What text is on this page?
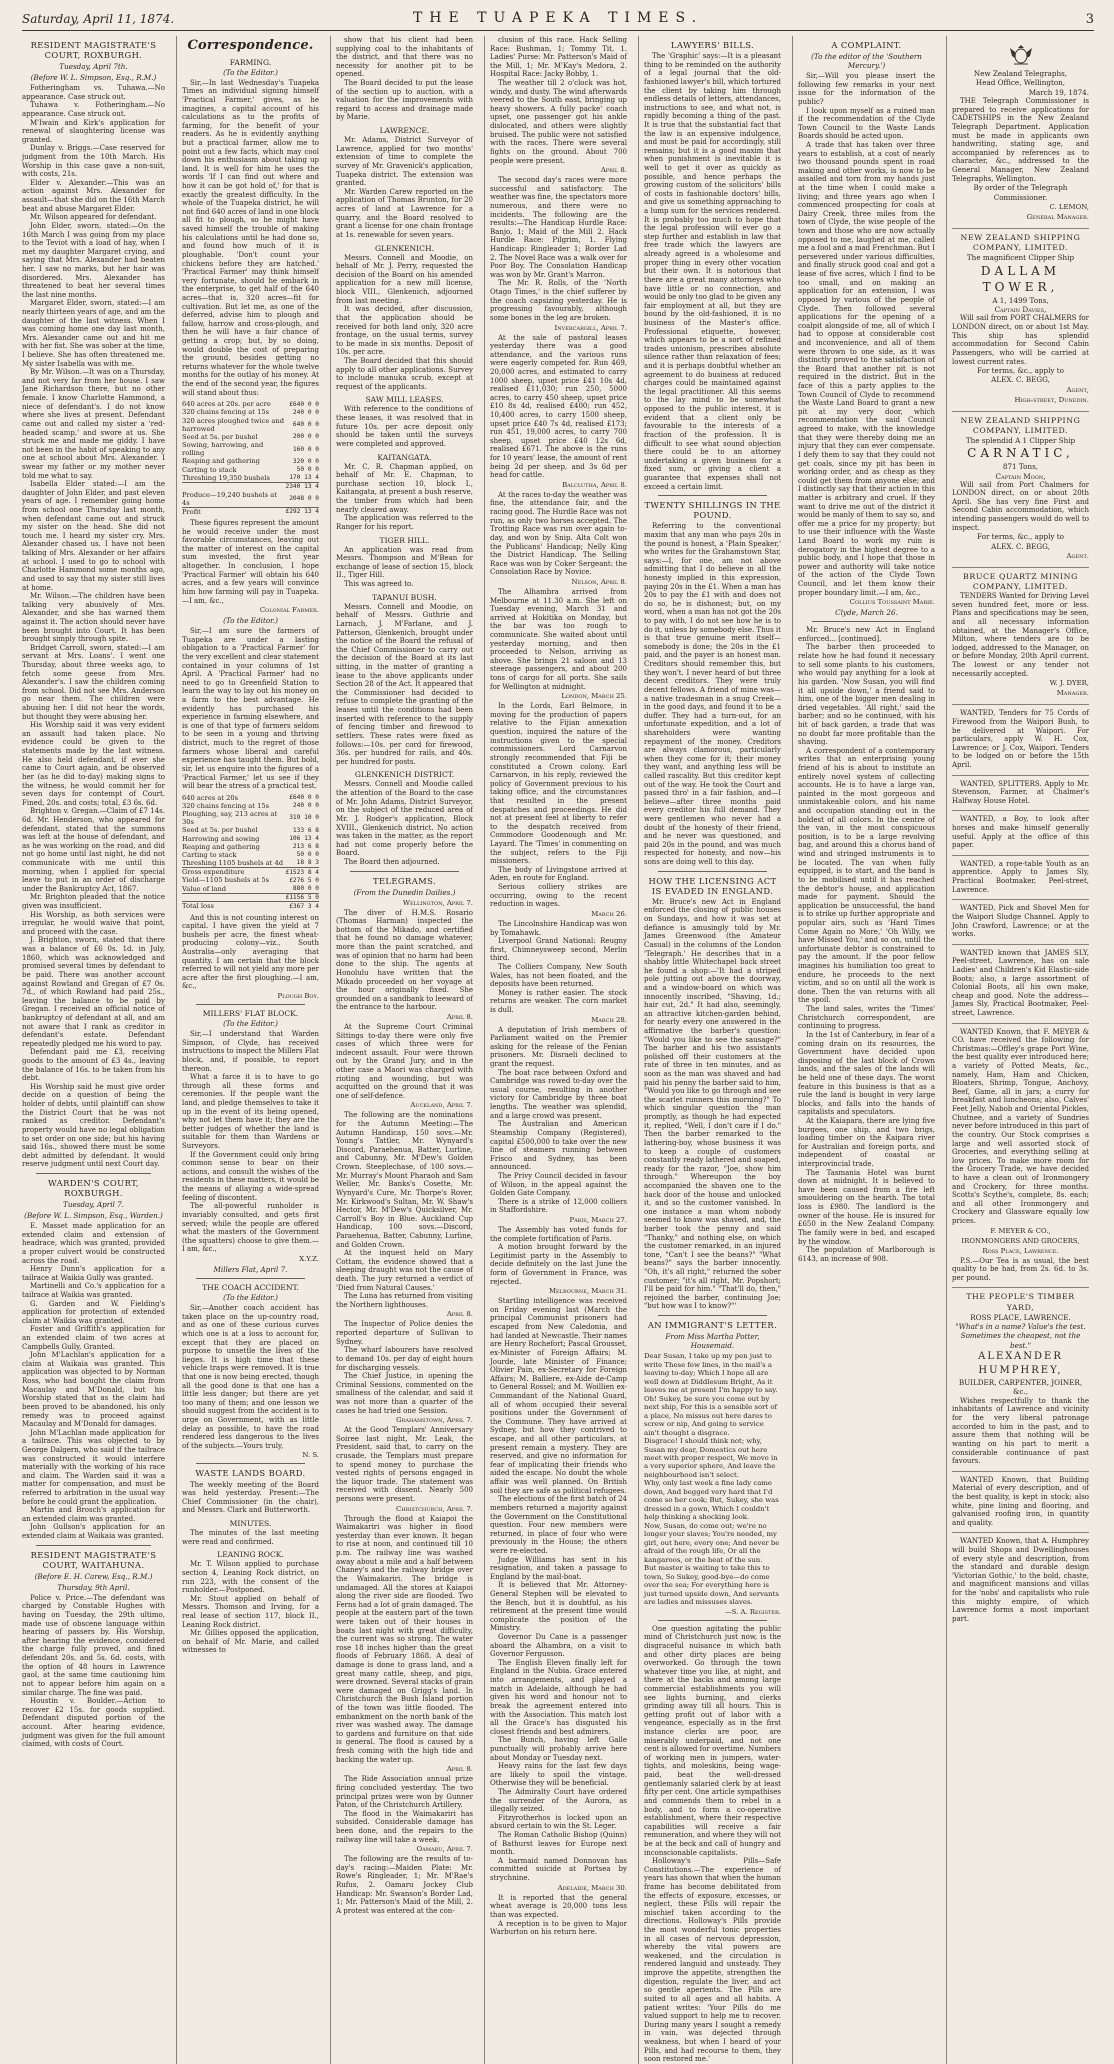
Saturday, April 11, 1874.	THE TUAPEKA TIMES.	3
RESIDENT MAGISTRATE'S COURT, ROXBURGH.
Tuesday, April 7th.
(Before W. L. Simpson, Esq., R.M.)

Fotheringham vs. Tuhawa.—No appearance. Case struck out.

Tuhawa v. Fotheringham.—No appearance. Case struck out.

M'Iwain and Kirk's application for renewal of slaughtering license was granted.

Dunlay v. Briggs.—Case reserved for judgment from the 10th March. His Worship in this case gave a non-suit, with costs, 21s.

Elder v. Alexander.—This was an action against Mrs. Alexander for assault—that she did on the 16th March beat and abuse Margaret Elder.

Mr. Wilson appeared for defendant.

John Elder, sworn, stated:—On the 16th March I was going from my place to the Teviot with a load of hay, when I met my daughter Margaret crying, and saying that Mrs. Alexander had beaten her. I saw no marks, but her hair was disordered. Mrs. Alexander has threatened to beat her several times the last nine months.

Margaret Elder, sworn, stated:—I am nearly thirteen years of age, and am the daughter of the last witness. When I was coming home one day last month, Mrs. Alexander came out and hit me with her fist. She was sober at the time, I believe. She has often threatened me. My sister Isabella was with me.

By Mr. Wilson.—It was on a Thursday, and not very far from her house. I saw Jane Richardson there, but no other female. I know Charlotte Hammond, a niece of defendant's. I do not know where she lives at present. Defendant came out and called my sister a 'red-headed scamp,' and swore at us. She struck me and made me giddy. I have not been in the habit of speaking to any one at school about Mrs. Alexander. I swear my father or my mother never told me what to say.

Isabella Elder stated:—I am the daughter of John Elder, and past eleven years of age. I remember going home from school one Thursday last month, when defendant came out and struck my sister on the head. She did not touch me. I heard my sister cry. Mrs. Alexander chased us. I have not been talking of Mrs. Alexander or her affairs at school. I used to go to school with Charlotte Hammond some months ago, and used to say that my sister still lives at home.

Mr. Wilson.—The children have been talking very abusively of Mrs. Alexander, and she has warned them against it. The action should never have been brought into Court. It has been brought simply through spite.

Bridget Carroll, sworn, stated:—I am servant at Mrs. Loans'. I went one Thursday, about three weeks ago, to fetch some geese from Mrs. Alexander's. I saw the children coming from school. Did not see Mrs. Anderson go near them. The children were abusing her. I did not hear the words, but thought they were abusing her.

His Worship said it was very evident an assault had taken place. No evidence could be given to the statements made by the last witness. He also held defendant, if ever she came to Court again, and be observed her (as he did to-day) making signs to the witness, he would commit her for seven days for contempt of Court. Fined, 20s. and costs; total, £3 6s. 6d.

Brighton v. Gregan.—Claim of £7 14s. 6d. Mr. Henderson, who appeared for defendant, stated that the summons was left at the house of defendant, and as he was working on the road, and did not go home until last night, he did not communicate with me until this morning, when I applied for special leave to put in an order of discharge under the Bankruptcy Act, 1867.

Mr. Brighton pleaded that the notice given was insufficient.

His Worship, as both services were irregular, he would waive that point, and proceed with the case.

J. Brighton, sworn, stated that there was a balance of £6 0s. 1d. in July, 1860, which was acknowledged and promised several times by defendant to be paid. There was another account against Rowland and Gregan of £7 0s. 7d., of which Rowland had paid 25s., leaving the balance to be paid by Gregan. I received an official notice of bankruptcy of defendant at all, and am not aware that I rank as creditor in defendant's estate. Defendant repeatedly pledged me his word to pay.

Defendant paid me £3, receiving goods to the amount of £3 4s., leaving the balance of 16s. to be taken from his debt.

His Worship said he must give order decide on a question of being the holder of debts, until plaintiff can show the District Court that he was not ranked as creditor. Defendant's property would have no legal obligation to set order on one side; but his having said 16s., showed there must be some debt admitted by defendant. It would reserve judgment until next Court day.

WARDEN'S COURT, ROXBURGH.
Tuesday, April 7.
(Before W. L. Simpson, Esq., Warden.)

E. Masset made application for an extended claim and extension of headrace, which was granted, provided a proper culvert would be constructed across the road.

Henry Dunn's application for a tailrace at Waikia Gully was granted.

Martinelli and Co.'s application for a tailrace at Waikia was granted.

G. Garden and W. Fielding's application for protection of extended claim at Waikia was granted.

Foster and Griffith's application for an extended claim of two acres at Campbells Gully, Granted.

John M'Lachlan's application for a claim at Waikaia was granted. This application was objected to by Norman Ross, who had bought the claim from Macaulay and M'Donald, but his Worship stated that as the claim had been proved to be abandoned, his only remedy was to proceed against Macaulay and M'Donald for damages.

John M'Lachlan made application for a tailrace. This was objected to by George Dalgern, who said if the tailrace was constructed it would interfere materially with the working of his race and claim. The Warden said it was a matter for compensation, and must be referred to arbitration in the usual way before he could grant the application.

Martin and Brosch's application for an extended claim was granted.

John Gullson's application for an extended claim at Waikaia was granted.

RESIDENT MAGISTRATE'S COURT, WAITAHUNA.
(Before E. H. Carew, Esq., R.M.)
Thursday, 9th April.

Police v. Price.—The defendant was charged by Constable Hughes with having on Tuesday, the 29th ultimo, made use of obscene language within hearing of passers by. His Worship, after hearing the evidence, considered the charge fully proved, and fined defendant 20s. and 5s. 6d. costs, with the option of 48 hours in Lawrence gaol, at the same time cautioning him not to appear before him again on a similar charge. The fine was paid.

Houstin v. Boulder.—Action to recover £2 15s. for goods supplied. Defendant disputed portion of the account. After hearing evidence, judgment was given for the full amount claimed, with costs of Court.

Correspondence.
FARMING.
(To the Editor.)

Sir,—In last Wednesday's Tuapeka Times an individual signing himself 'Practical Farmer,' gives, as he imagines, a capital account of his calculations as to the profits of farming, for the benefit of your readers. As he is evidently anything but a practical farmer, allow me to point out a few facts, which may cool down his enthusiasm about taking up land. It is well for him he uses the words 'If I can find out where and how it can be got hold of,' for that is exactly the greatest difficulty. In the whole of the Tuapeka district, he will not find 640 acres of land in one block all fit to plough, so he might have saved himself the trouble of making his calculations until he had done so, and found how much of it is ploughable. 'Don't count your chickens before they are hatched.' 'Practical Farmer' may think himself very fortunate, should he embark in the enterprise, to get half of the 640 acres—that is, 320 acres—fit for cultivation. But let me, as one of the deferred, advise him to plough and fallow, harrow and cross-plough, and then he will have a fair chance of getting a crop; but, by so doing, would double the cost of preparing the ground, besides getting no returns whatever for the whole twelve months for the outlay of his money. At the end of the second year, the figures will stand about thus:

640 acres at 20s. per acre	£640 0 0
320 chains fencing at 15s	240 0 0
320 acres ploughed twice and harrowed	640 0 0
Seed at 5s. per bushel	200 0 0
Sowing, harrowing, and rolling	160 0 0
Reaping and gathering	320 0 0
Carting to stack	50 0 0
Threshing 19,350 bushels	170 13 4
	2340 13 4
Produce—19,240 bushels at 4s	2048 0 0
Profit	£292 13 4

These figures represent the amount he would receive under the most favorable circumstances, leaving out the matter of interest on the capital sum invested, the first year altogether. In conclusion, I hope 'Practical Farmer' will obtain his 640 acres, and a few years will convince him how farming will pay in Tuapeka.—I am, &c.,

Colonial Farmer.
(To the Editor.)

Sir,—I am sure the farmers of Tuapeka are under a lasting obligation to a 'Practical Farmer' for the very excellent and clear statement contained in your columns of 1st April. A 'Practical Farmer' had no need to go to Greenfield Station to learn the way to lay out his money on a farm to the best advantage. He evidently has purchased his experience in farming elsewhere, and is one of that type of farmers seldom to be seen in a young and thriving district, much to the regret of those farmers whose liberal and careful experience has taught them. But bold, sir, let us enquire into the figures of a 'Practical Farmer,' let us see if they will bear the stress of a practical test.

640 acres at 20s	£640 0 0
320 chains fencing at 15s	240 0 0
Ploughing, say, 213 acres at 30s	319 10 0
Seed at 5s. per bushel	133 6 8
Harrowing and sowing	106 13 4
Reaping and gathering	213 6 8
Carting to stack	50 0 0
Threshing 1105 bushels at 4d	18 8 3
Gross expenditure	£1523 8 4
Yield—1105 bushels at 5s	£276 5 0
Value of land	880 0 0
	£1156 5 0
Total loss	£367 3 4

And this is not counting interest on capital. I have given the yield at 7 bushels per acre, the finest wheat-producing colony—viz., South Australia—only averaging that quantity. I am certain that the block referred to will not yield any more per acre after the first ploughing.—I am, &c.,

Plough Boy.
MILLERS' FLAT BLOCK.
(To the Editor.)

Sir,—I understand that Warden Simpson, of Clyde, has received instructions to inspect the Millers Flat block, and, if possible, to report thereon.

What a farce it is to have to go through all these forms and ceremonies. If the people want the land, and pledge themselves to take it up in the event of its being opened, why not let them have it; they are the better judges of whether the land is suitable for them than Wardens or Surveyors.

If the Government could only bring common sense to bear on their actions, and consult the wishes of the residents in these matters, it would be the means of allaying a wide-spread feeling of discontent.

The all-powerful runholder is invariably consulted, and gets first served; while the people are offered what the masters of the Government (the squatters) choose to give them.—I am, &c.,

X.Y.Z.
Millers Flat, April 7.
THE COACH ACCIDENT.
(To the Editor.)

Sir,—Another coach accident has taken place on the up-country road, and as one of these curious curves which one is at a loss to account for, except that they are placed on purpose to unsettle the lives of the lieges. It is high time that these vehicle traps were removed. It is true that one is now being erected, though all the good done is that one has a little less danger; but there are yet too many of them; and one lesson we should suggest from the accident is to urge on Government, with as little delay as possible, to have the road rendered less dangerous to the lives of the subjects.—Yours truly,

N. S.
WASTE LANDS BOARD.

The weekly meeting of the Board was held yesterday. Present:—The Chief Commissioner (in the chair), and Messrs. Clark and Butterworth.

MINUTES.

The minutes of the last meeting were read and confirmed.

LEANING ROCK.

Mr. T. Wilson applied to purchase section 4, Leaning Rock district, on run 223, with the consent of the runholder.—Postponed.

Mr. Stout applied on behalf of Messrs. Thomson and Irving, for a real lease of section 117, block II., Leaning Rock district.

Mr. Gillies opposed the application, on behalf of Mr. Marie, and called witnesses to

show that his client had been supplying coal to the inhabitants of the district, and that there was no necessity for another pit to be opened.

The Board decided to put the lease of the section up to auction, with a valuation for the improvements with regard to access and drainage made by Marie.

LAWRENCE.

Mr. Adams, District Surveyor of Lawrence, applied for two months' extension of time to complete the survey of Mr. Gravenick's application, Tuapeka district. The extension was granted.

Mr. Warden Carew reported on the application of Thomas Brunton, for 20 acres of land at Lawrence for a quarry, and the Board resolved to grant a license for one chain frontage at 1s. renewable for seven years.

GLENKENICH.

Messrs. Connell and Moodie, on behalf of Mr. J. Perry, requested the decision of the Board on his amended application for a new mill license, block VIII., Glenkenich, adjourned from last meeting.

It was decided, after discussion, that the application should be received for both land only, 320 acre frontage, on the usual terms, survey to be made in six months. Deposit of 10s. per acre.

The Board decided that this should apply to all other applications. Survey to include manuka scrub, except at request of the applicants.

SAW MILL LEASES.

With reference to the conditions of these leases, it was resolved that in future 10s. per acre deposit only should be taken until the surveys were completed and approved.

KAITANGATA.

Mr. C. R. Chapman applied, on behalf of Mr. E. Chapman, to purchase section 10, block I., Kaitangata, at present a bush reserve, the timber from which had been nearly cleared away.

The application was referred to the Ranger for his report.

TIGER HILL.

An application was read from Messrs. Thompson and M'Bean for exchange of lease of section 15, block II., Tiger Hill.

This was agreed to.

TAPANUI BUSH.

Messrs. Connell and Moodie, on behalf of Messrs. Guthrie and Larnach, J. M'Farlane, and J. Patterson, Glenkenich, brought under the notice of the Board the refusal of the Chief Commissioner to carry out the decision of the Board at its last sitting, in the matter of granting a lease to the above applicants under Section 28 of the Act. It appeared that the Commissioner had decided to refuse to complete the granting of the leases until the conditions had been inserted with reference to the supply of fencing timber and firewood to settlers. These rates were fixed as follows:—10s. per cord for firewood, 36s. per hundred for rails, and 40s. per hundred for posts.

GLENKENICH DISTRICT.

Messrs. Connell and Moodie called the attention of the Board to the case of Mr. John Adams, District Surveyor, on the subject of the reduced area of Mr. J. Rodger's application, Block XVIII., Glenkenich district. No action was taken in the matter, as the report had not come properly before the Board.

The Board then adjourned.

TELEGRAMS.
(From the Dunedin Dailies.)
Wellington, April 7.

The diver of H.M.S. Rosario (Thomas Harman) inspected the bottom of the Mikado, and certified that he found no damage whatever, more than the paint scratched, and was of opinion that no harm had been done to the ship. The agents at Honolulu have written that the Mikado proceeded on her voyage at the hour originally fixed. She grounded on a sandbank to leeward of the entrance to the harbour.

April 8.

At the Supreme Court Criminal Sittings to-day there were only five cases of which three were for indecent assault. Four were thrown out by the Grand Jury, and in the other case a Maori was charged with rioting and wounding, but was acquitted on the ground that it was one of self-defence.

Auckland, April 7.

The following are the nominations for the Autumn Meeting:—The Autumn Handicap, 150 sovs.—Mr. Young's Tattler, Mr. Wynyard's Discord, Paraehenua, Batter, Lurline, and Cabunny, Mr. M'Dew's Golden Crown. Steeplechase, of 100 sovs.—Mr. Murray's Mount Pharaoh and Sam Weller, Mr. Banks's Cosette, Mr. Wynyard's Cure, Mr. Thorpe's Rover, Mr. Kirkwood's Sultan, Mr. W. Shaw's Hector, Mr. M'Dew's Quicksilver, Mr. Carroll's Boy in Blue. Auckland Cup Handicap, 100 sovs.—Discord, Paraehenua, Batter, Cabunny, Lurline, and Golden Crown.

At the inquest held on Mary Cottam, the evidence showed that a sleeping draught was not the cause of death. The jury returned a verdict of 'Died from Natural Causes.'

The Luna has returned from visiting the Northern lighthouses.

April 8.

The Inspector of Police denies the reported departure of Sullivan to Sydney.

The wharf labourers have resolved to demand 10s. per day of eight hours for discharging vessels.

The Chief Justice, in opening the Criminal Sessions, commented on the smallness of the calendar, and said it was not more than a quarter of the cases he had tried one Session.

Grahamstown, April 7.

At the Good Templars' Anniversary Soiree last night, Mr. Leak, the President, said that, to carry on the crusade, the Templars must prepare to spend money to purchase the vested rights of persons engaged in the liquor trade. The statement was received with dissent. Nearly 500 persons were present.

Christchurch, April 7.

Through the flood at Kaiapoi the Waimakariri was higher in flood yesterday than ever known. It began to rise at noon, and continued till 10 p.m. The railway line was washed away about a mile and a half between Chaney's and the railway bridge over the Waimakariri. The bridge is undamaged. All the stores at Kaiapoi along the river side are flooded. Two Ferns had a lot of grain damaged. The people at the eastern part of the town were taken out of their houses in boats last night with great difficulty, the current was so strong. The water rose 18 inches higher than the great floods of February 1868. A deal of damage is done to grass land, and a great many cattle, sheep, and pigs, were drowned. Several stacks of grain were damaged on Grigg's land. In Christchurch the Bush Island portion of the town was little flooded. The embankment on the north bank of the river was washed away. The damage to gardens and furniture on that side is general. The flood is caused by a fresh coming with the high tide and backing the water up.

April 8.

The Ride Association annual prize firing concluded yesterday. The two principal prizes were won by Gunner Paton, of the Christchurch Artillery.

The flood in the Waimakariri has subsided. Considerable damage has been done, and the repairs to the railway line will take a week.

Oamaru, April 7.

The following are the results of to-day's racing:—Maiden Plate: Mr. Rowe's Ringleader, 1; Mr. M'Rae's Rufus, 2. Oamaru Jockey Club Handicap: Mr. Swanson's Border Lad, 1; Mr. Patterson's Maid of the Mill, 2. A protest was entered at the con-

clusion of this race. Hack Selling Race: Bushman, 1; Tommy Tit, 1. Ladies' Purse: Mr. Patterson's Maid of the Mill, 1; Mr. M'Kay's Medora, 2. Hospital Race: Jacky Bobby, 1.

The weather till 2 o'clock was hot, windy, and dusty. The wind afterwards veered to the South east, bringing up heavy showers. A fully packe' coach upset, one passenger got his ankle dislocated, and others were slightly bruised. The public were not satisfied with the races. There were several fights on the ground. About 700 people were present.

April 8.

The second day's races were more successful and satisfactory. The weather was fine, the spectators more numerous, and there were no incidents. The following are the results:—The Handicap Hurdle Race: Banjo, 1; Maid of the Mill 2. Hack Hurdle Race: Pilgrim, 1. Flying Handicap: Ringleader 1; Border Lad 2. The Novel Race was a walk over for Poor Boy. The Consolation Handicap was won by Mr. Grant's Marron.

The Mr. R. Rolls, of the 'North Otago Times,' is the chief sufferer by the coach capsizing yesterday. He is progressing favourably, although some bones in the leg are broken.

Invercargill, April 7.

At the sale of pastoral leases yesterday there was a good attendance, and the various runs were eagerly competed for. Run 469, 20,000 acres, and estimated to carry 1000 sheep, upset price £41 10s 4d, realised £11,030; run 250, 5000 acres, to carry 450 sheep, upset price £10 8s 4d, realised £400; run 452, 10,400 acres, to carry 1500 sheep, upset price £40 7s 4d, realised £173; run 451, 19,000 acres, to carry 700 sheep, upset price £40 12s 6d, realised £671. The above is the runs for 10 years' lease, the amount of rent being 2d per sheep, and 3s 6d per head for cattle.

Balclutha, April 8.

At the races to-day the weather was fine, the attendance fair, and the racing good. The Hurdle Race was not run, as only two horses accepted. The Trotting Race was run over again to-day, and won by Snip. Alta Colt won the Publicans' Handicap; Nelly King the District Handicap. The Selling Race was won by Coker Sergeant: the Consolation Race by Novice.

Nelson, April 8.

The Alhambra arrived from Melbourne at 11.30 a.m. She left on Tuesday evening, March 31 and arrived at Hokitika on Monday, but the bar was too rough to communicate. She waited about until yesterday morning, and then proceeded to Nelson, arriving as above. She brings 21 saloon and 13 steerage passengers, and about 200 tons of cargo for all ports. She sails for Wellington at midnight.

London, March 25.

In the Lords, Earl Belmore, in moving for the production of papers relative to the Fijian annexation question, inquired the nature of the instructions given to the special commissioners. Lord Carnarvon strongly recommended that Fiji be constituted a Crown colony. Earl Carnarvon, in his reply, reviewed the policy of Government previous to his taking office, and the circumstances that resulted in the present despatches and proceedings. He did not at present feel at liberty to refer to the despatch received from Commodore Goodenough and Mr. Layard. The 'Times' in commenting on the subject, refers to the Fiji missioners.

The body of Livingstone arrived at Aden, en route for England.

Serious colliery strikes are occurring, owing to the recent reduction in wages.

March 26.

The Lincolnshire Handicap was won by Tomahawk.

Liverpool Grand National: Reugny first, Chimneysweep second, Merlin third.

The Colliers Company, New South Wales, has not been floated, and the deposits have been returned.

Money is rather easier. The stock returns are weaker. The corn market is dull.

March 28.

A deputation of Irish members of Parliament waited on the Premier asking for the release of the Fenian prisoners. Mr. Disraeli declined to grant the request.

The boat race between Oxford and Cambridge was rowed to-day over the usual course, resulting in another victory for Cambridge by three boat lengths. The weather was splendid, and a large crowd was present.

The Australian and American Steamship Company (Registered), capital £500,000 to take over the new line of steamers running between Frisco and Sydney, has been announced.

The Privy Council decided in favour of Wilson, in the appeal against the Golden Gate Company.

There is a strike of 12,000 colliers in Staffordshire.

Paris, March 27.

The Assembly has voted funds for the complete fortification of Paris.

A motion brought forward by the Legitimist party in the Assembly to decide definitely on the last June the form of Government in France, was rejected.

Melbourne, March 31.

Startling intelligence was received on Friday evening last (March the principal Communist prisoners had escaped from New Caledonia, and had landed at Newcastle. Their names are Henry Rochefort; Pascal Grousset, ex-Minister of Foreign Affairs; M. Jourde, late Minister of Finance; Olivier Pain, ex-Secretary for Foreign Affairs; M. Balliere, ex-Aide de-Camp to General Rossel; and M. Woillien ex-Commandant of the National Guard, all of whom occupied their several positions under the Government of the Commune. They have arrived at Sydney, but how they contrived to escape, and all other particulars, at present remain a mystery. They are reserved, and give no information for fear of implicating their friends who aided the escape. No doubt the whole affair was well planned. On British soil they are safe as political refugees.

The elections of the first batch of 24 members returned a majority against the Government on the Constitutional question. Four new members were returned, in place of four who were previously in the House; the others were re-elected.

Judge Williams has sent in his resignation, and taken a passage to England by the mail-boat.

It is believed that Mr. Attorney-General Stephen will be elevated to the Bench, but it is doubtful, as his retirement at the present time would complicate the position of the Ministry.

Governor Du Cane is a passenger aboard the Alhambra, on a visit to Governor Fergusson.

The English Eleven finally left for England in the Nubia. Grace entered into arrangements, and played a match in Adelaide, although he had given his word and honour not to break the agreement entered into with the Association. This match lost all the Grace's has disgusted his closest friends and best admirers.

The Bunch, having left Galle punctually will probably arrive here about Monday or Tuesday next.

Heavy rains for the last few days are likely to spoil the vintage. Otherwise they will be beneficial.

The Admiralty Court have ordered the surrender of the Aurora, as illegally seized.

Fitzyrotherhos is locked upon an absurd certain to win the St. Leger.

The Roman Catholic Bishop (Quinn) of Bathurst leaves for Europe next month.

A barmaid named Donnovan has committed suicide at Portsea by strychnine.

Adelaide, March 30.

It is reported that the general wheat average is 20,000 tons less than was expected.

A reception is to be given to Major Warburton on his return here.

LAWYERS' BILLS.

The 'Graphic' says:—It is a pleasant thing to be reminded on the authority of a legal journal that the old-fashioned lawyer's bill, which tortured the client by taking him through endless details of letters, attendances, instructions to see, and what not, is rapidly becoming a thing of the past. It is true that the substantial fact that the law is an expensive indulgence, and must be paid for accordingly, still remains; but it is a good maxim that when punishment is inevitable it is well to get it over as quickly as possible, and hence perhaps the growing custom of the solicitors' bills of costs in fashionable doctors' bills, and give us something approaching to a lump sum for the services rendered. It is probably too much to hope that the legal profession will ever go a step further and establish in law that free trade which the lawyers are already agreed is a wholesome and proper thing in every other vocation but their own. It is notorious that there are a great many attorneys who have little or no connection, and would be only too glad to be given any fair employment at all, but they are bound by the old-fashioned, it is no business of the Master's office. Professional etiquette, however, which appears to be a sort of refined trades unionism, prescribes absolute silence rather than relaxation of fees; and it is perhaps doubtful whether an agreement to do business at reduced charges could be maintained against the legal practitioner. All this seems to the lay mind to be somewhat opposed to the public interest, it is evident that a client only be favourable to the interests of a fraction of the profession. It is difficult to see what sound objection there could be to an attorney undertaking a given business for a fixed sum, or giving a client a guarantee that expenses shall not exceed a certain limit.

TWENTY SHILLINGS IN THE POUND.

Referring to the conventional maxim that any man who pays 20s in the pound is honest, a 'Plain Speaker,' who writes for the Grahamstown Star, says:—I, for one, am not above admitting that I do believe in all the honesty implied in this expression, paying 20s in the £1. When a man has 20s to pay the £1 with and does not do so, he is dishonest; but, on my word, when a man has not got the 20s to pay with, I do not see how he is to do it, unless by somebody else. Thus it is that true genuine merit itself—somebody is done; the 20s in the £1 paid, and the payer is an honest man. Creditors should remember this, but they won't. I never heard of but three decent creditors. They were truly decent fellows. A friend of mine was—a native tradesman in a snug Creek—in the good days, and found it to be a duffer. They had a turn-out, for an unfortunate expedition, and a lot of shareholders were wanting repayment of the money. Creditors are always clamorous, particularly when they come for it; their money they want, and anything less will be called rascality. But this creditor kept out of the way. He took the Court and passed thro' in a fair fashion, and—I believe—after three months paid every creditor his full demand. They were gentlemen who never had a doubt of the honesty of their friend, and he never was questioned, and paid 20s in the pound, and was much respected for honesty, and now—his sons are doing well to this day.

HOW THE LICENSING ACT IS EVADED IN ENGLAND.

Mr. Bruce's new Act in England enforced the closing of public houses on Sundays, and how it was set at defiance is amusingly told by Mr. James Greenwood (the Amateur Casual) in the columns of the London 'Telegraph.' He describes that in a shabby little Whitechapel back street he found a shop:—'It had a striped pole jutting out above the doorway, and a window-board on which was innocently inscribed, "Shaving, 1d.; hair cut, 2d." It had also, seemingly, an attractive kitchen-garden behind, for nearly every one answered in the affirmative the barber's question: "Would you like to see the sausage?" The barber and his two assistants polished off their customers at the rate of three in ten minutes, and as soon as the man was shaved and had paid his penny the barber said to him, "Would you like to go through and see the scarlet runners this morning?" To which singular question the man promptly, as though he had expected it, replied, "Well, I don't care if I do." Then the barber remarked to the lathering-boy, whose business it was to keep a couple of customers constantly ready lathered and soaped, ready for the razor, "Joe, show him through." Whereupon the boy accompanied the shaven one to the back door of the house and unlocked it, and so the customer vanished. In one instance a man whom nobody seemed to know was shaved, and, the barber took the penny and said "Thanky," and nothing else, on which the customer remarked, in an injured tone, "Can't I see the beans?" "What beans?" says the barber innocently. "Oh, it's all right," returned the sober customer; "it's all right, Mr. Popshort; I'll be paid for him." "That'll do, then," rejoined the barber, continuing Joe; "but how was I to know?"'

AN IMMIGRANT'S LETTER.
From Miss Martha Potter, Housemaid.

Dear Susan, I take up my pen just to write These few lines, in the mail's a leaving to-day; Which I hope all are well down at Diddlesum Bright, As it leaves me at present I'm happy to say.
Oh! Sukey, be sure you come out by next ship, For this is a sensible sort of a place, No missus out here dares to screw or nip, And going to service ain't thought a disgrace.
Disgrace! I should think not; why, Susan my dear, Domestics out here meet with proper respect, We move in a very superior sphere, And leave the neighbourhood isn't select.
Why, only last week a fine lady came down, And begged very hard that I'd come so her cook; But, Sukey, she was dressed in a gown, Which I couldn't help thinking a shocking look.
Now, Susan, do come out; we're no longer your slaves; You're needed, my girl, out here, every one; And never be afraid of the rough life, Or all the kangaroos, or the heat of the sun.
But master is waiting to take this to town, So Sukey, good-bye—do come over the sea; For everything here is just turned upside down, And servants are ladies and missuses slaves.

—S. A. Register.

One question agitating the public mind of Christchurch just now, is the disgraceful nuisance in which bath and other dirty places are being overworked. Go through the town whatever time you like, at night, and there at the backs and among large commercial establishments you will see lights burning, and clerks grinding away till all hours. This is getting profit out of labor with a vengeance, especially as in the first instance clerks are poor, are miserably underpaid, and not one cent is allowed for overtime. Numbers of working men in jumpers, water-tights, and moleskins, being wage-paid, beat the well-dressed gentlemanly salaried clerk by at least fifty per cent. One article sympathises and commends them to rebel in a body, and to form a co-operative establishment, where their respective capabilities will receive a fair remuneration, and where they will not be at the beck and call of hungry and inconscionable capitalists.

Holloway's Pills—Safe Constitutions.—The experience of years has shown that when the human frame has become debilitated from the effects of exposure, excesses, or neglect, these Pills will repair the mischief taken according to the directions. Holloway's Pills provide the most wonderful tonic properties in all cases of nervous depression, whereby the vital powers are weakened, and the circulation is rendered languid and unsteady. They improve the appetite, strengthen the digestion, regulate the liver, and act so gentle aperients. The Pills are suited to all ages and all habits. A patient writes: 'Your Pills do me valued support to help me to recover. During many years I sought a remedy in vain, was dejected through weakness, but when I heard of your Pills, and had recourse to them, they soon restored me.'

A COMPLAINT.
(To the editor of the 'Southern Mercury.')

Sir,—Will you please insert the following few remarks in your next issue for the information of the public?

I look upon myself as a ruined man if the recommendation of the Clyde Town Council to the Waste Lands Boards should be acted upon.

A trade that has taken over three years to establish, at a cost of nearly two thousand pounds spent in road making and other works, is now to be assailed and torn from my hands just at the time when I could make a living; and three years ago when I commenced prospecting for coals at Dairy Creek, three miles from the town of Clyde, the wise people of the town and those who are now actually opposed to me, laughed at me, called me a fool and a mad Frenchman. But I persevered under various difficulties, and finally struck good coal and got a lease of five acres, which I find to be too small, and on making an application for an extension, I was opposed by various of the people of Clyde. Then followed several applications for the opening of a coalpit alongside of me, all of which I had to oppose at considerable cost and inconvenience, and all of them were thrown to one side, as it was distinctly proved to the satisfaction of the Board that another pit is not required in the district. But in the face of this a party applies to the Town Council of Clyde to recommend the Waste Land Board to grant a new pit at my very door, which recommendation the said Council agreed to make, with the knowledge that they were thereby doing me an injury that they can ever compensate. I defy them to say that they could not get coals, since my pit has been in working order, and as cheap as they could get them from anyone else; and I distinctly say that their action in this matter is arbitrary and cruel. If they want to drive me out of the district it would be manly of them to say so, and offer me a price for my property; but to use their influence with the Waste Land Board to work my ruin is derogatory in the highest degree to a public body, and I hope that those in power and authority will take notice of the action of the Clyde Town Council, and let them know their proper boundary limit.—I am, &c.,

Collius Toussaint Marie.
Clyde, March 26.

Mr. Bruce's new Act in England enforced... [continued].

The barber then proceeded to relate how he had found it necessary to sell some plants to his customers, who would pay anything for a look at his garden. 'Now Susan, you will find it all upside down,' a friend said to him, one of the bigger men dealing in dried vegetables. 'All right,' said the barber; and so he continued, with his bit of back garden, a trade that was no doubt far more profitable than the shaving.

A correspondent of a contemporary writes that an enterprising young friend of his is about to institute an entirely novel system of collecting accounts. He is to have a large van, painted in the most gorgeous and unmistakeable colors, and his name and occupation standing out in the boldest of all colors. In the centre of the van, in the most conspicuous position, is to be a large revolving bag, and around this a chorus band of wind and stringed instruments is to be located. The van when fully equipped, is to start, and the band is to be mobilised until it has reached the debtor's house, and application made for payment. Should the application be unsuccessful, the band is to strike up further appropriate and popular airs, such as 'Hard Times Come Again no More,' 'Oh Willy, we have Missed You,' and so on, until the unfortunate debtor is constrained to pay the amount. If the poor fellow imagines his humiliation too great to endure, he proceeds to the next victim, and so on until all the work is done. Then the van returns with all the spoil.

The land sales, writes the 'Times' Christchurch correspondent, are continuing to progress.

In the 1st of Canterbury, in fear of a coming drain on its resources, the Government have decided upon disposing of the last block of Crown lands, and the sales of the lands will be held one of these days. The worst feature in this business is that as a rule the land is bought in very large blocks, and falls into the hands of capitalists and speculators.

At the Kaiapara, there are lying five burgees, one ship, and two brigs, loading timber on the Kaipara river for Australian and foreign ports, and independent of coastal or interprovincial trade.

The Tasmania Hotel was burnt down at midnight. It is believed to have been caused from a fire left smouldering on the hearth. The total loss is £980. The landlord is the owner of the house. He is insured for £650 in the New Zealand Company. The family were in bed, and escaped by the window.

The population of Marlborough is 6143, an increase of 908.

New Zealand Telegraphs,
Head Office, Wellington,
March 19, 1874.

THE Telegraph Commissioner is prepared to receive applications for CADETSHIPS in the New Zealand Telegraph Department. Application must be made in applicants own handwriting, stating age, and accompanied by references as to character, &c., addressed to the General Manager, New Zealand Telegraphs, Wellington.

By order of the Telegraph Commissioner.
C. LEMON,
General Manager.
NEW ZEALAND SHIPPING COMPANY, LIMITED.
The magnificent Clipper Ship
DALLAM TOWER,
A 1, 1499 Tons,
Captain Davies,

Will sail from PORT CHALMERS for LONDON direct, on or about 1st May. This ship has splendid accommodation for Second Cabin Passengers, who will be carried at lowest current rates.

For terms, &c., apply to
ALEX. C. BEGG,
Agent,
High-street, Dunedin.
NEW ZEALAND SHIPPING COMPANY, LIMITED.
The splendid A 1 Clipper Ship
CARNATIC,
871 Tons,
Captain Moon,

Will sail from Port Chalmers for LONDON direct, on or about 20th April. She has very fine First and Second Cabin accommodation, which intending passengers would do well to inspect.

For terms, &c., apply to
ALEX. C. BEGG,
Agent.
BRUCE QUARTZ MINING COMPANY, LIMITED.

TENDERS Wanted for Driving Level seven hundred feet, more or less. Plans and specifications may be seen, and all necessary information obtained, at the Manager's Office, Milton, where tenders are to be lodged, addressed to the Manager, on or before Monday, 20th April current. The lowest or any tender not necessarily accepted.

W. J. DYER,
Manager.

WANTED, Tenders for 75 Cords of Firewood from the Waipori Bush, to be delivered at Waipori. For particulars, apply W. H. Cox, Lawrence; or J. Cox, Waipori. Tenders to be lodged on or before the 15th April.

WANTED, SPLITTERS. Apply to Mr. Stevenson, Farmer, at Chalmer's Halfway House Hotel.

WANTED, a Boy, to look after horses and make himself generally useful. Apply at the office of this paper.

WANTED, a rope-table Youth as an apprentice. Apply to James Sly, Practical Bootmaker, Peel-street, Lawrence.

WANTED, Pick and Shovel Men for the Waipori Sludge Channel. Apply to John Crawford, Lawrence; or at the works.

WANTED known that JAMES SLY, Peel-street, Lawrence, has on sale Ladies' and Children's Kid Elastic-side Boots; also, a large assortment of Colonial Boots, all his own make, cheap and good. Note the address—James Sly, Practical Bootmaker, Peel-street, Lawrence.

WANTED Known, that F. MEYER & CO. have received the following for Christmas:—Offley's grape Port Wine, the best quality ever introduced here; a variety of Potted Meats, &c., namely, Ham, Ham and Chicken, Bloaters, Shrimp, Tongue, Anchovy, Beef, Game, all in jars; a curry for breakfast and luncheons; also, Calves' Feet Jelly, Nabob and Oriental Pickles, Chutnee, and a variety of Sundries never before introduced in this part of the country. Our Stock comprises a large and well assorted stock of Groceries, and everything selling at low prices. To make more room for the Grocery Trade, we have decided to have a clean out of Ironmongery and Crockery, for three months. Scotts's Scythe's, complete, 8s. each; and all other Ironmongery and Crockery and Glassware equally low prices.

F. MEYER & CO.,
IRONMONGERS AND GROCERS,
Ross Place, Lawrence.

P.S.—Our Tea is as usual, the best quality to be had, from 2s. 6d. to 3s. per pound.

THE PEOPLE'S TIMBER YARD,
ROSS PLACE, LAWRENCE.
"What's in a name? Value's the test.
Sometimes the cheapest, not the best."
ALEXANDER HUMPHREY,
BUILDER, CARPENTER, JOINER, &c.,

Wishes respectfully to thank the inhabitants of Lawrence and vicinity for the very liberal patronage accorded to him in the past, and to assure them that nothing will be wanting on his part to merit a considerable continuance of past favours.

WANTED Known, that Building Material of every description, and of the best quality, is kept in stock; also white, pine lining and flooring, and galvanised roofing iron, in quantity and quality.

WANTED Known, that A. Humphrey will build Shops and Dwellinghouses of every style and description, from the standard and durable design 'Victorian Gothic,' to the bold, chaste, and magnificent mansions and villas for the 'nobs' and capitalists who rule this mighty empire, of which Lawrence forms a most important part.
